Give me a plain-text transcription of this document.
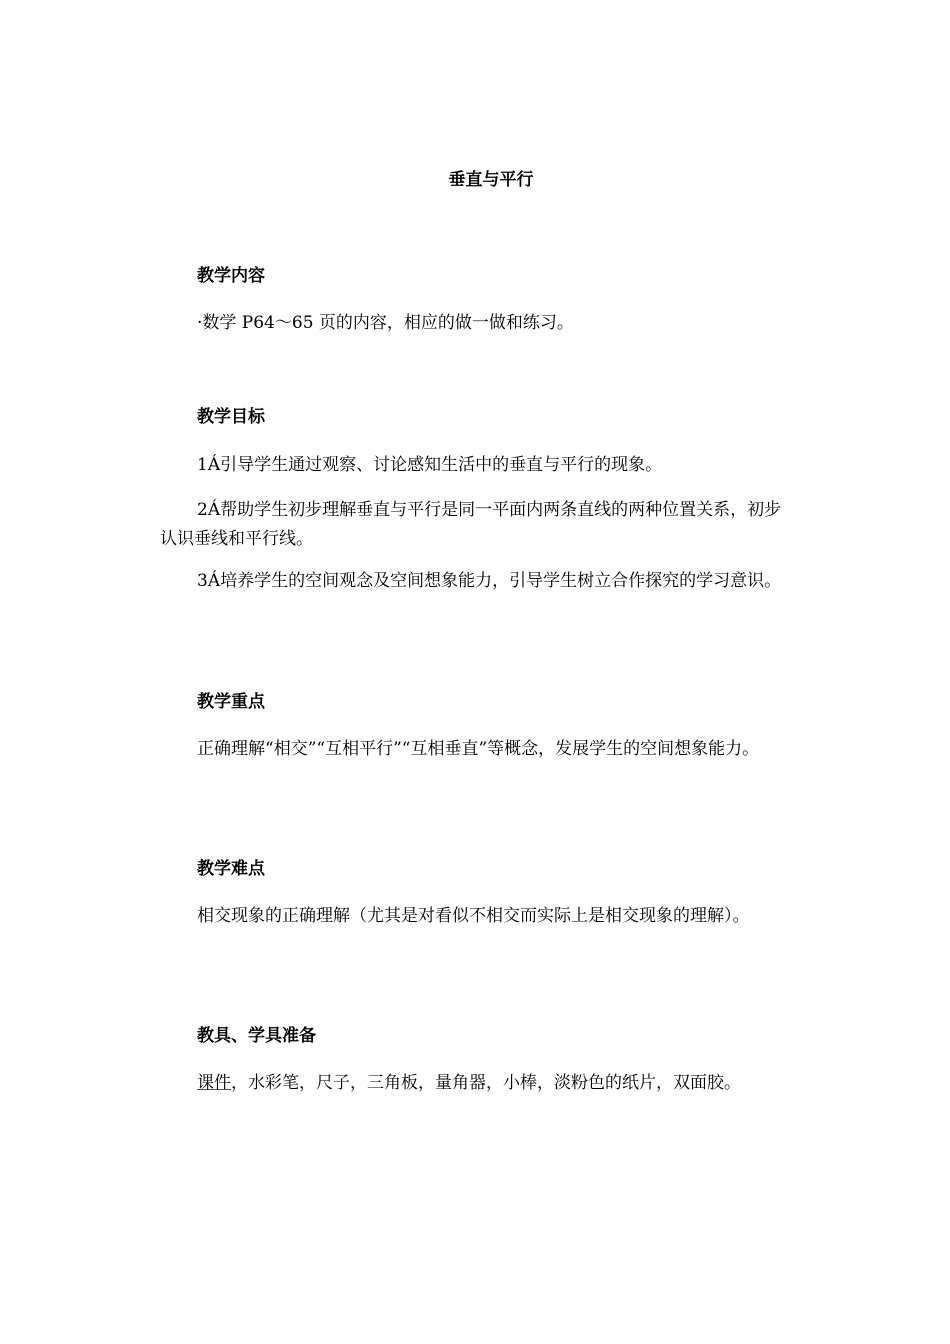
垂直与平行
教学内容

·数学 P64～65 页的内容，相应的做一做和练习。

教学目标

1Á引导学生通过观察、讨论感知生活中的垂直与平行的现象。

2Á帮助学生初步理解垂直与平行是同一平面内两条直线的两种位置关系，初步认识垂线和平行线。

3Á培养学生的空间观念及空间想象能力，引导学生树立合作探究的学习意识。

教学重点

正确理解“相交”“互相平行”“互相垂直”等概念，发展学生的空间想象能力。

教学难点

相交现象的正确理解（尤其是对看似不相交而实际上是相交现象的理解）。

教具、学具准备

课件，水彩笔，尺子，三角板，量角器，小棒，淡粉色的纸片，双面胶。
